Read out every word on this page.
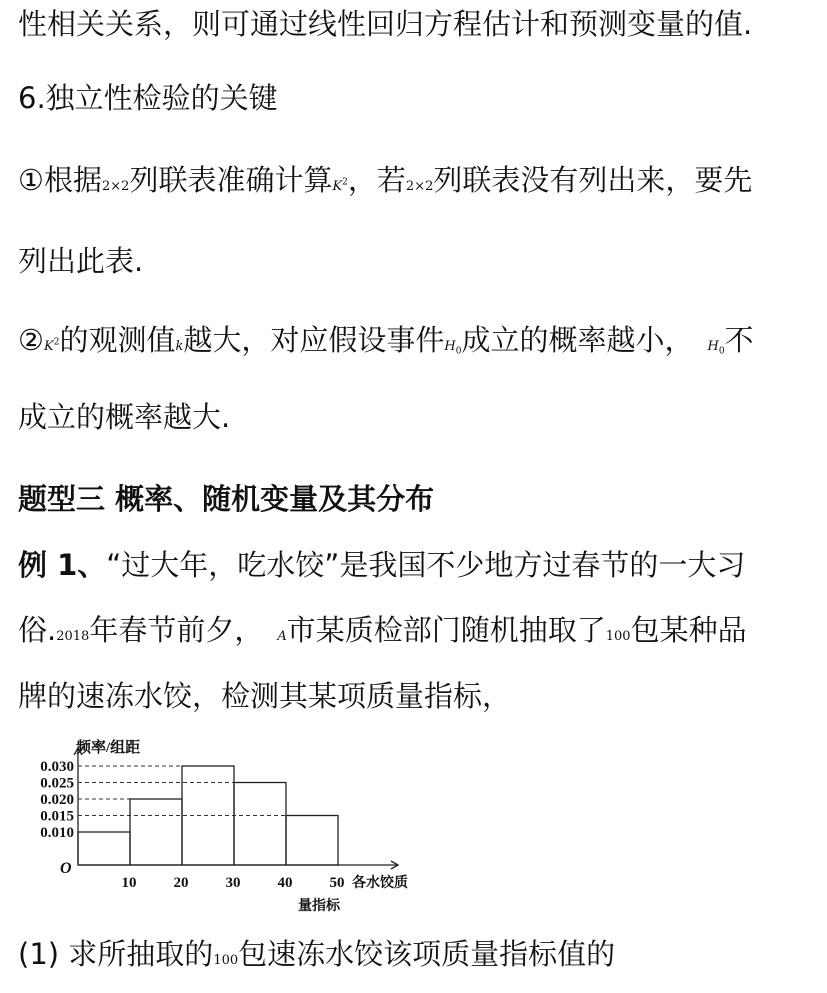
性相关关系，则可通过线性回归方程估计和预测变量的值.
6.独立性检验的关键
①根据2×2列联表准确计算$K^2$，若2×2列联表没有列出来，要先
列出此表.
$②K^2$的观测值k越大，对应假设事件$H_0$成立的概率越小， $H_0$不
成立的概率越大.
题型三 概率、随机变量及其分布
例 1、“过大年，吃水饺”是我国不少地方过春节的一大习
俗.2018年春节前夕， A市某质检部门随机抽取了100包某种品
牌的速冻水饺，检测其某项质量指标，
0.030
0.025
0.020
0.015
0.010
10 20 30 40 50
O
频率/组距
各水饺质
量指标
(1) 求所抽取的100包速冻水饺该项质量指标值的
